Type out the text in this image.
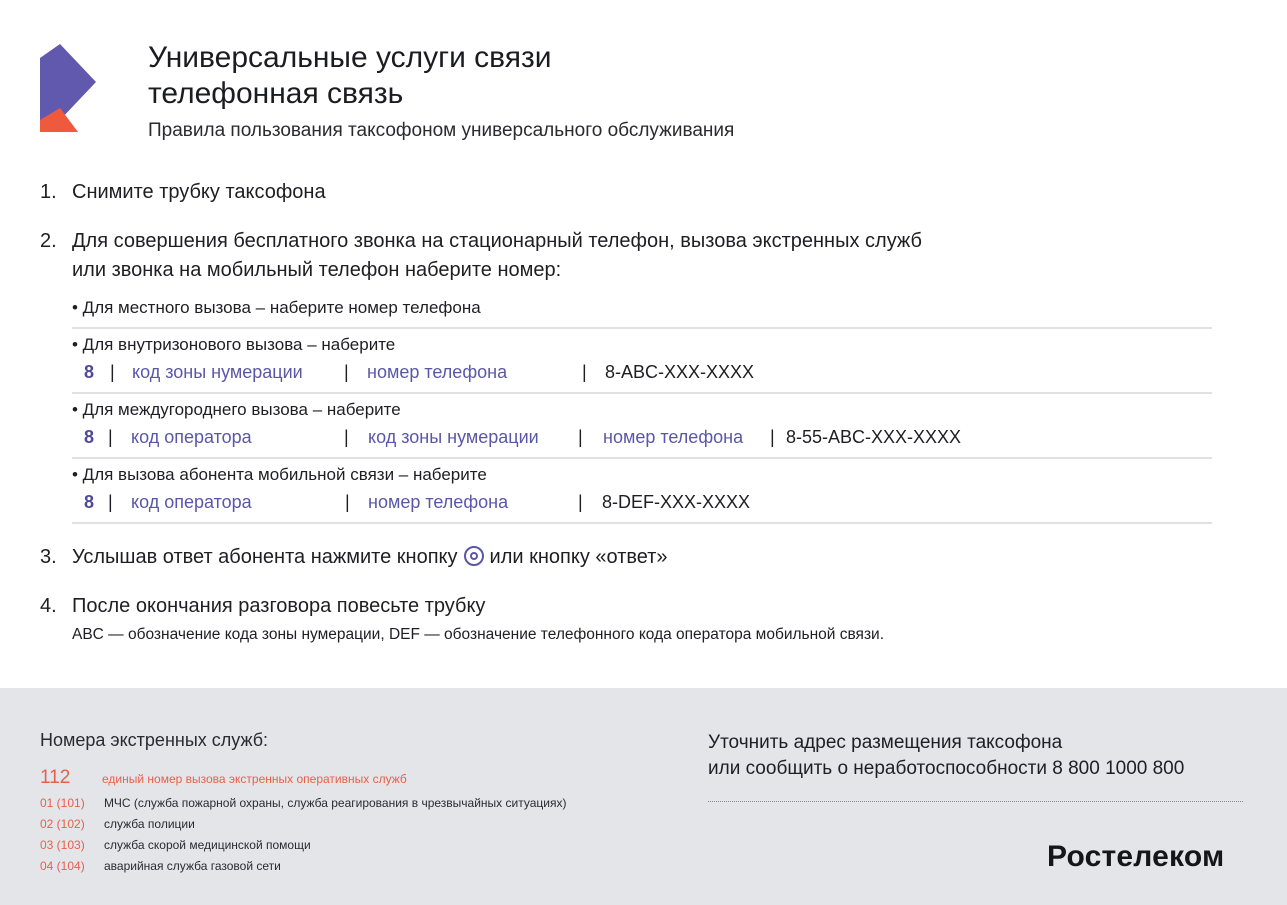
Универсальные услуги связи
телефонная связь
Правила пользования таксофоном универсального обслуживания
1. Снимите трубку таксофона
2. Для совершения бесплатного звонка на стационарный телефон, вызова экстренных служб
или звонка на мобильный телефон наберите номер:
• Для местного вызова – наберите номер телефона
• Для внутризонового вызова – наберите
8 | код зоны нумерации | номер телефона	| 8-ABC-XXX-XXXX
• Для междугороднего вызова – наберите
8 | код оператора	| код зоны нумерации | номер телефона | 8-55-ABC-XXX-XXXX
• Для вызова абонента мобильной связи – наберите
8 | код оператора	| номер телефона	| 8-DEF-XXX-XXXX
3. Услышав ответ абонента нажмите кнопку или кнопку «ответ»
4. После окончания разговора повесьте трубку
ABC — обозначение кода зоны нумерации, DEF — обозначение телефонного кода оператора мобильной связи.
Номера экстренных служб:
112	единый номер вызова экстренных оперативных служб
01 (101) МЧС (служба пожарной охраны, служба реагирования в чрезвычайных ситуациях)
02 (102) служба полиции
03 (103) служба скорой медицинской помощи
04 (104) аварийная служба газовой сети
Уточнить адрес размещения таксофона
или сообщить о неработоспособности 8 800 1000 800
Ростелеком
